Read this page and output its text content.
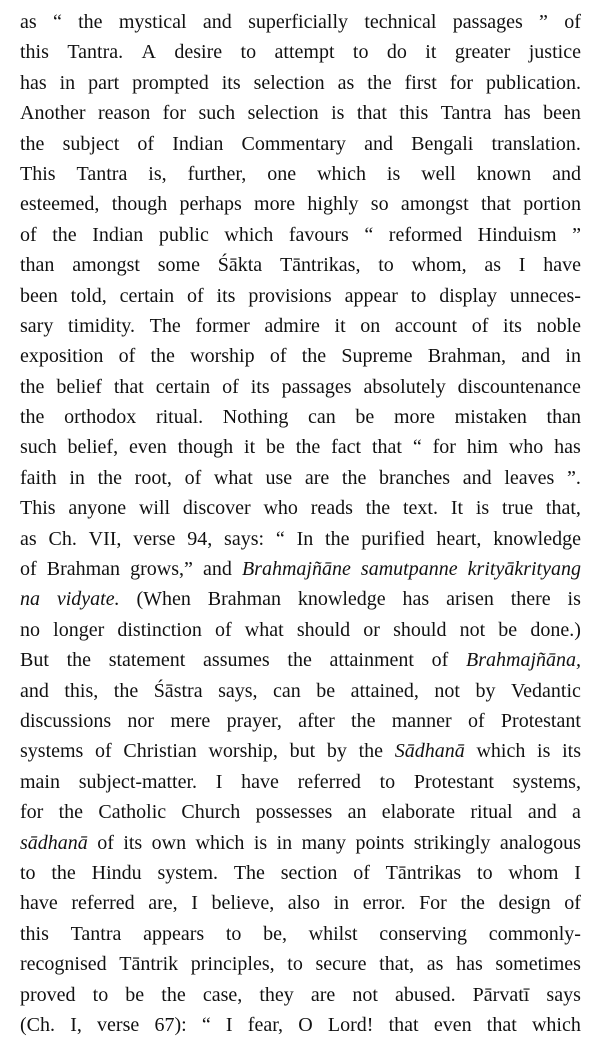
as “ the mystical and superficially technical passages ” of
this Tantra. A desire to attempt to do it greater justice
has in part prompted its selection as the first for publication.
Another reason for such selection is that this Tantra has been
the subject of Indian Commentary and Bengali translation.
This Tantra is, further, one which is well known and
esteemed, though perhaps more highly so amongst that portion
of the Indian public which favours “ reformed Hinduism ”
than amongst some Śākta Tāntrikas, to whom, as I have
been told, certain of its provisions appear to display unneces-
sary timidity. The former admire it on account of its noble
exposition of the worship of the Supreme Brahman, and in
the belief that certain of its passages absolutely discountenance
the orthodox ritual. Nothing can be more mistaken than
such belief, even though it be the fact that “ for him who has
faith in the root, of what use are the branches and leaves ”.
This anyone will discover who reads the text. It is true that,
as Ch. VII, verse 94, says: “ In the purified heart, knowledge
of Brahman grows,” and Brahmajñāne samutpanne krityākrityang
na vidyate. (When Brahman knowledge has arisen there is
no longer distinction of what should or should not be done.)
But the statement assumes the attainment of Brahmajñāna,
and this, the Śāstra says, can be attained, not by Vedantic
discussions nor mere prayer, after the manner of Protestant
systems of Christian worship, but by the Sādhanā which is its
main subject-matter. I have referred to Protestant systems,
for the Catholic Church possesses an elaborate ritual and a
sādhanā of its own which is in many points strikingly analogous
to the Hindu system. The section of Tāntrikas to whom I
have referred are, I believe, also in error. For the design of
this Tantra appears to be, whilst conserving commonly-
recognised Tāntrik principles, to secure that, as has sometimes
proved to be the case, they are not abused. Pārvatī says
(Ch. I, verse 67): “ I fear, O Lord! that even that which
